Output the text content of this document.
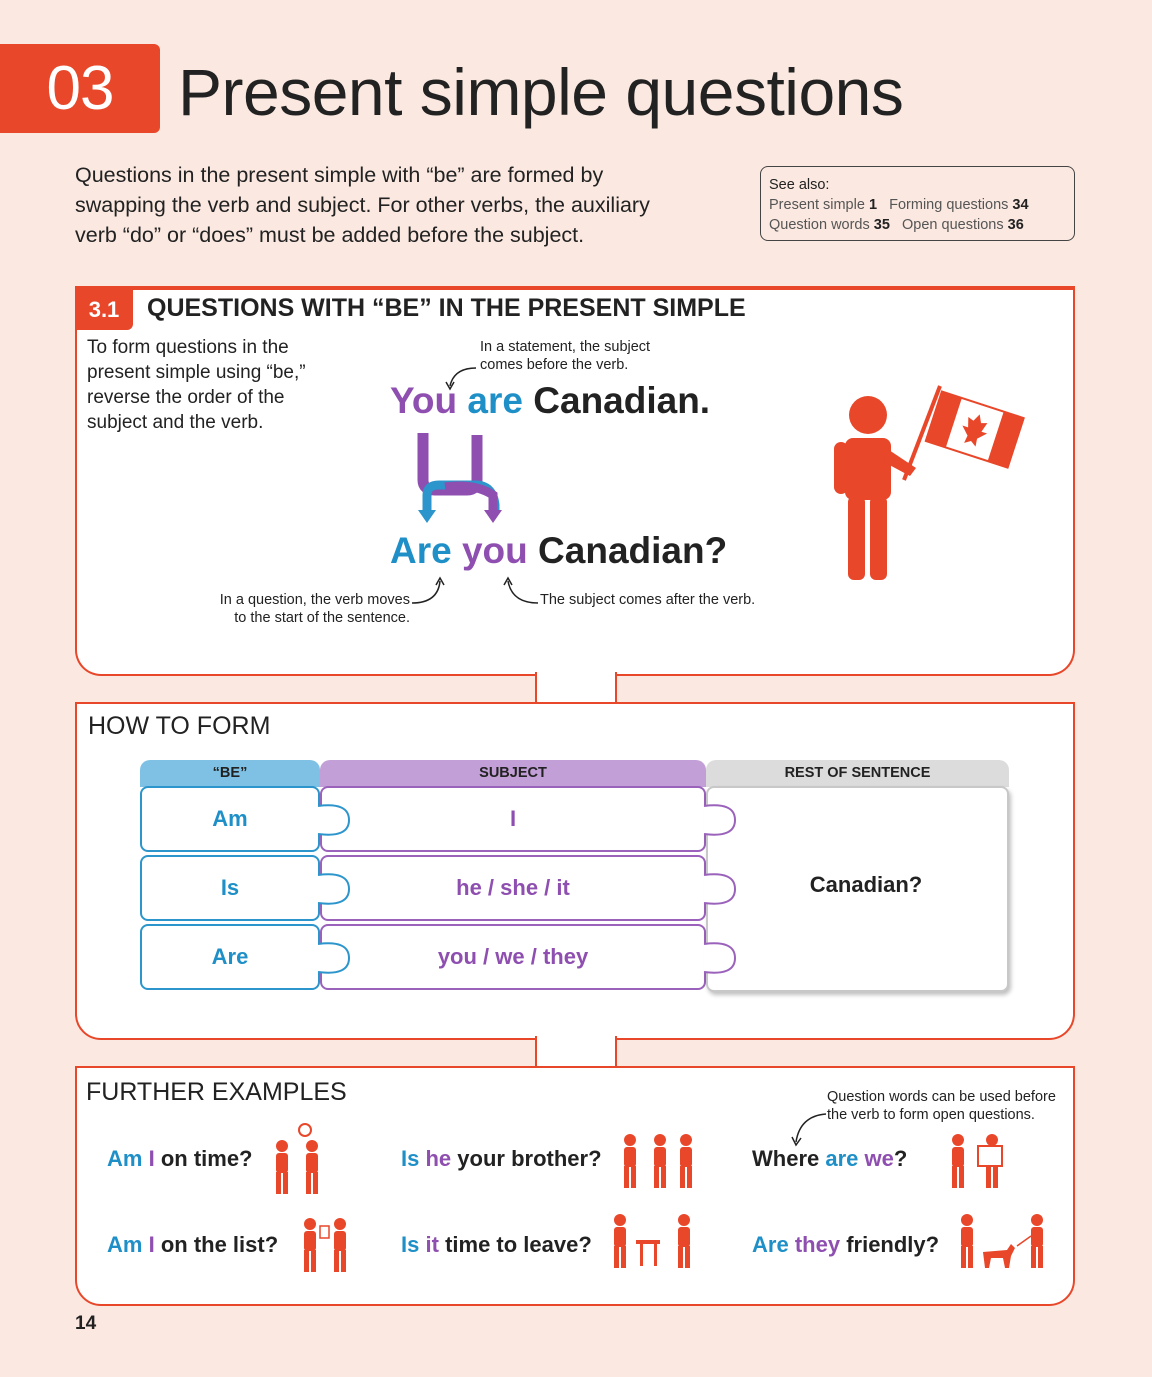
03 Present simple questions
Questions in the present simple with “be” are formed by swapping the verb and subject. For other verbs, the auxiliary verb “do” or “does” must be added before the subject.
See also:
Present simple 1 Forming questions 34
Question words 35 Open questions 36
3.1	QUESTIONS WITH “BE” IN THE PRESENT SIMPLE
To form questions in the present simple using “be,” reverse the order of the subject and the verb.
In a statement, the subject comes before the verb.
You are Canadian.
Are you Canadian?
In a question, the verb moves to the start of the sentence.
The subject comes after the verb.
HOW TO FORM
“BE”	SUBJECT	REST OF SENTENCE
Am	I
Is	he / she / it
Are	you / we / they
Canadian?
FURTHER EXAMPLES	Question words can be used before the verb to form open questions.
Am I on time?	Is he your brother?	Where are we?
Am I on the list?	Is it time to leave?	Are they friendly?
14
